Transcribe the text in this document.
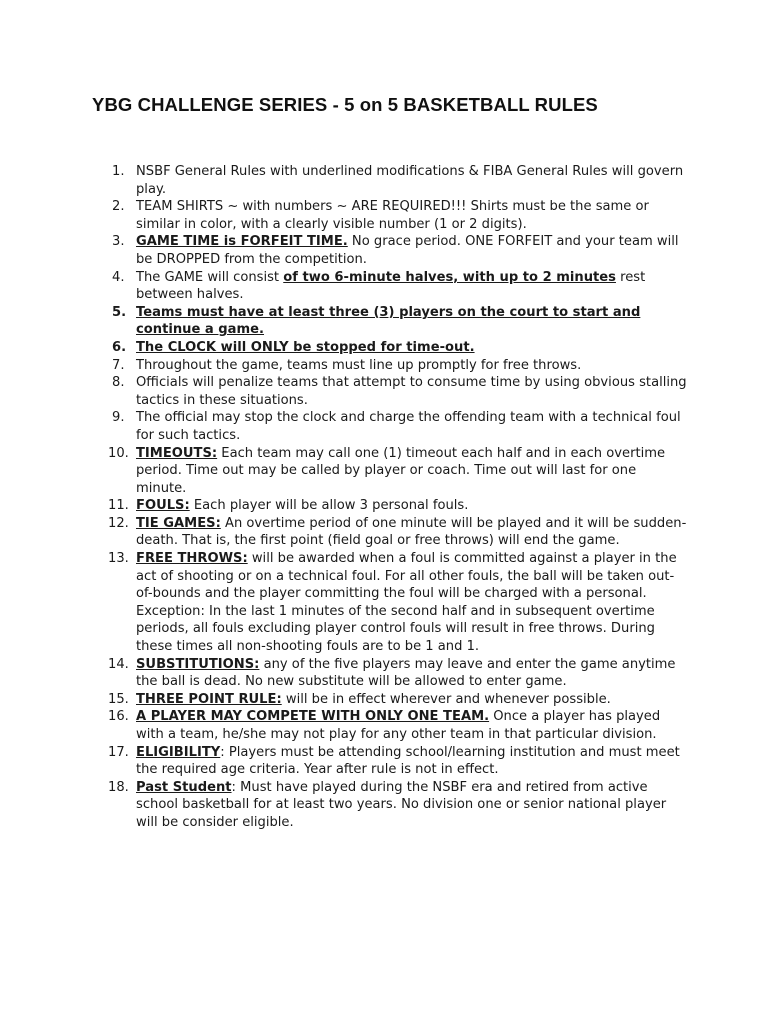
YBG CHALLENGE SERIES - 5 on 5 BASKETBALL RULES
1. NSBF General Rules with underlined modifications & FIBA General Rules will govern play.
2. TEAM SHIRTS ~ with numbers ~ ARE REQUIRED!!! Shirts must be the same or similar in color, with a clearly visible number (1 or 2 digits).
3. GAME TIME is FORFEIT TIME. No grace period. ONE FORFEIT and your team will be DROPPED from the competition.
4. The GAME will consist of two 6-minute halves, with up to 2 minutes rest between halves.
5. Teams must have at least three (3) players on the court to start and continue a game.
6. The CLOCK will ONLY be stopped for time-out.
7. Throughout the game, teams must line up promptly for free throws.
8. Officials will penalize teams that attempt to consume time by using obvious stalling tactics in these situations.
9. The official may stop the clock and charge the offending team with a technical foul for such tactics.
10. TIMEOUTS: Each team may call one (1) timeout each half and in each overtime period. Time out may be called by player or coach. Time out will last for one minute.
11. FOULS: Each player will be allow 3 personal fouls.
12. TIE GAMES: An overtime period of one minute will be played and it will be sudden-death. That is, the first point (field goal or free throws) will end the game.
13. FREE THROWS: will be awarded when a foul is committed against a player in the act of shooting or on a technical foul. For all other fouls, the ball will be taken out-of-bounds and the player committing the foul will be charged with a personal. Exception: In the last 1 minutes of the second half and in subsequent overtime periods, all fouls excluding player control fouls will result in free throws. During these times all non-shooting fouls are to be 1 and 1.
14. SUBSTITUTIONS: any of the five players may leave and enter the game anytime the ball is dead. No new substitute will be allowed to enter game.
15. THREE POINT RULE: will be in effect wherever and whenever possible.
16. A PLAYER MAY COMPETE WITH ONLY ONE TEAM. Once a player has played with a team, he/she may not play for any other team in that particular division.
17. ELIGIBILITY: Players must be attending school/learning institution and must meet the required age criteria. Year after rule is not in effect.
18. Past Student: Must have played during the NSBF era and retired from active school basketball for at least two years. No division one or senior national player will be consider eligible.
